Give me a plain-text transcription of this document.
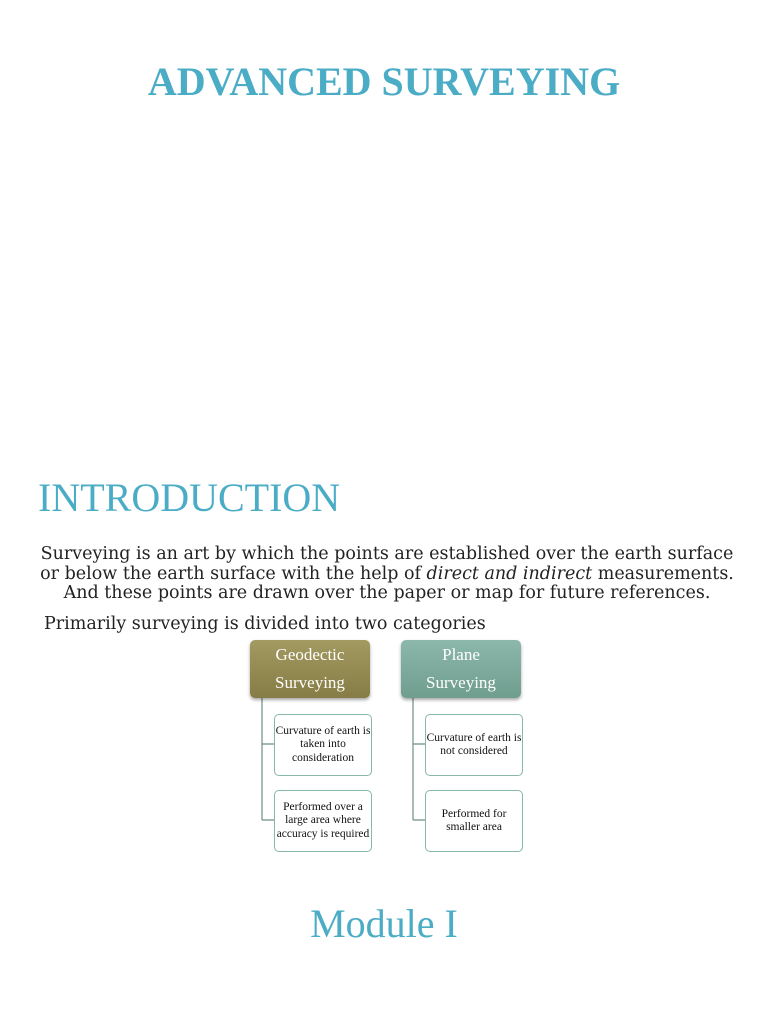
ADVANCED SURVEYING
INTRODUCTION
Surveying is an art by which the points are established over the earth surface or below the earth surface with the help of direct and indirect measurements. And these points are drawn over the paper or map for future references.
Primarily surveying is divided into two categories
Geodectic
Surveying
Plane
Surveying
Curvature of earth is taken into consideration
Performed over a large area where accuracy is required
Curvature of earth is not considered
Performed for smaller area
Module I
